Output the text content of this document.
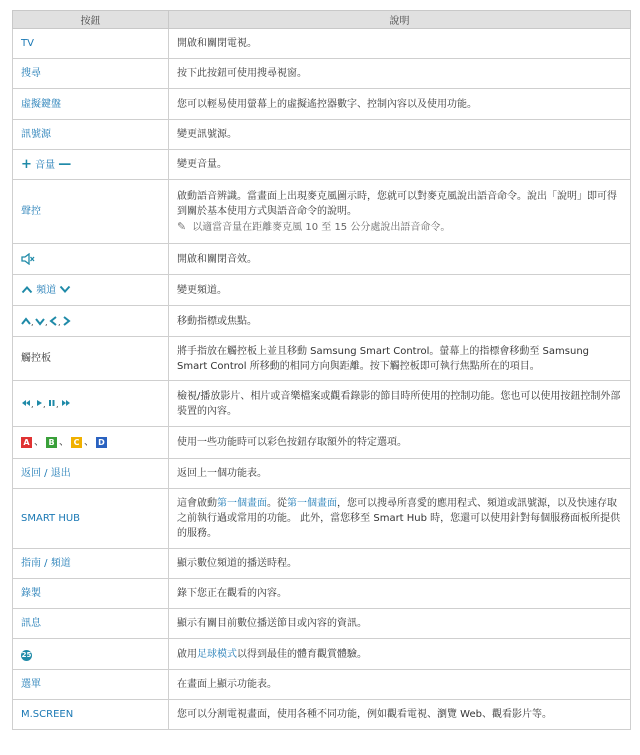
按鈕	說明
TV	開啟和關閉電視。
搜尋	按下此按鈕可使用搜尋視窗。
虛擬鍵盤	您可以輕易使用螢幕上的虛擬遙控器數字、控制內容以及使用功能。
訊號源	變更訊號源。
+ 音量 —	變更音量。
聲控	啟動語音辨識。當畫面上出現麥克風圖示時，您就可以對麥克風說出語音命令。說出「說明」即可得到關於基本使用方式與語音命令的說明。
✎ 以適當音量在距離麥克風 10 至 15 公分處說出語音命令。

	開啟和關閉音效。
頻道	變更頻道。

, , ,	移動指標或焦點。
觸控板	將手指放在觸控板上並且移動 Samsung Smart Control。螢幕上的指標會移動至 Samsung Smart Control 所移動的相同方向與距離。按下觸控板即可執行焦點所在的項目。

, , ,	檢視/播放影片、相片或音樂檔案或觀看錄影的節目時所使用的控制功能。您也可以使用按鈕控制外部裝置的內容。
A 、 B 、 C 、 D	使用一些功能時可以彩色按鈕存取額外的特定選項。
返回 / 退出	返回上一個功能表。
SMART HUB	這會啟動第一個畫面。從第一個畫面，您可以搜尋所喜愛的應用程式、頻道或訊號源，以及快速存取之前執行過或常用的功能。 此外，當您移至 Smart Hub 時，您還可以使用針對每個服務面板所提供的服務。
指南 / 頻道	顯示數位頻道的播送時程。
錄製	錄下您正在觀看的內容。
訊息	顯示有關目前數位播送節目或內容的資訊。
25	啟用足球模式以得到最佳的體育觀賞體驗。
選單	在畫面上顯示功能表。
M.SCREEN	您可以分割電視畫面，使用各種不同功能，例如觀看電視、瀏覽 Web、觀看影片等。
